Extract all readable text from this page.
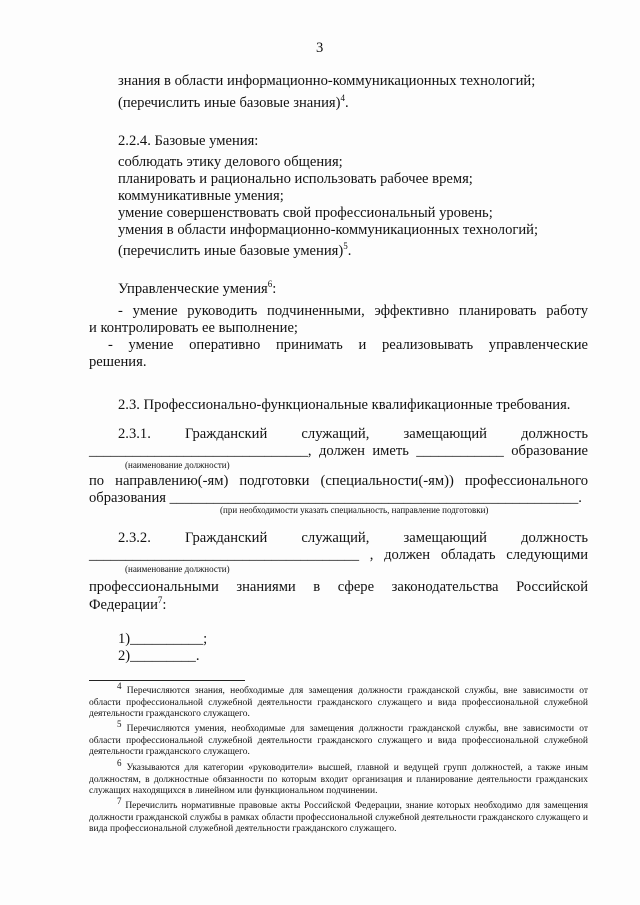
3
знания в области информационно-коммуникационных технологий;
(перечислить иные базовые знания)$^4$.
2.2.4. Базовые умения:
соблюдать этику делового общения;
планировать и рационально использовать рабочее время;
коммуникативные умения;
умение совершенствовать свой профессиональный уровень;
умения в области информационно-коммуникационных технологий;
(перечислить иные базовые умения)$^5$.
Управленческие умения$^6$:
- умение руководить подчиненными, эффективно планировать работу
и контролировать ее выполнение;
- умение оперативно принимать и реализовывать управленческие
решения.
2.3. Профессионально-функциональные квалификационные требования.
2.3.1. Гражданский служащий, замещающий должность
______________________________, должен иметь ____________ образование
(наименование должности)
по направлению(-ям) подготовки (специальности(-ям)) профессионального
образования ________________________________________________________.
(при необходимости указать специальность, направление подготовки)
2.3.2. Гражданский служащий, замещающий должность
_____________________________________ , должен обладать следующими
(наименование должности)
профессиональными знаниями в сфере законодательства Российской
Федерации$^7$:
1)__________;
2)_________.
$^4$ Перечисляются знания, необходимые для замещения должности гражданской службы, вне зависимости от области профессиональной служебной деятельности гражданского служащего и вида профессиональной служебной деятельности гражданского служащего.
$^5$ Перечисляются умения, необходимые для замещения должности гражданской службы, вне зависимости от области профессиональной служебной деятельности гражданского служащего и вида профессиональной служебной деятельности гражданского служащего.
$^6$ Указываются для категории «руководители» высшей, главной и ведущей групп должностей, а также иным должностям, в должностные обязанности по которым входит организация и планирование деятельности гражданских служащих находящихся в линейном или функциональном подчинении.
$^7$ Перечислить нормативные правовые акты Российской Федерации, знание которых необходимо для замещения должности гражданской службы в рамках области профессиональной служебной деятельности гражданского служащего и вида профессиональной служебной деятельности гражданского служащего.
